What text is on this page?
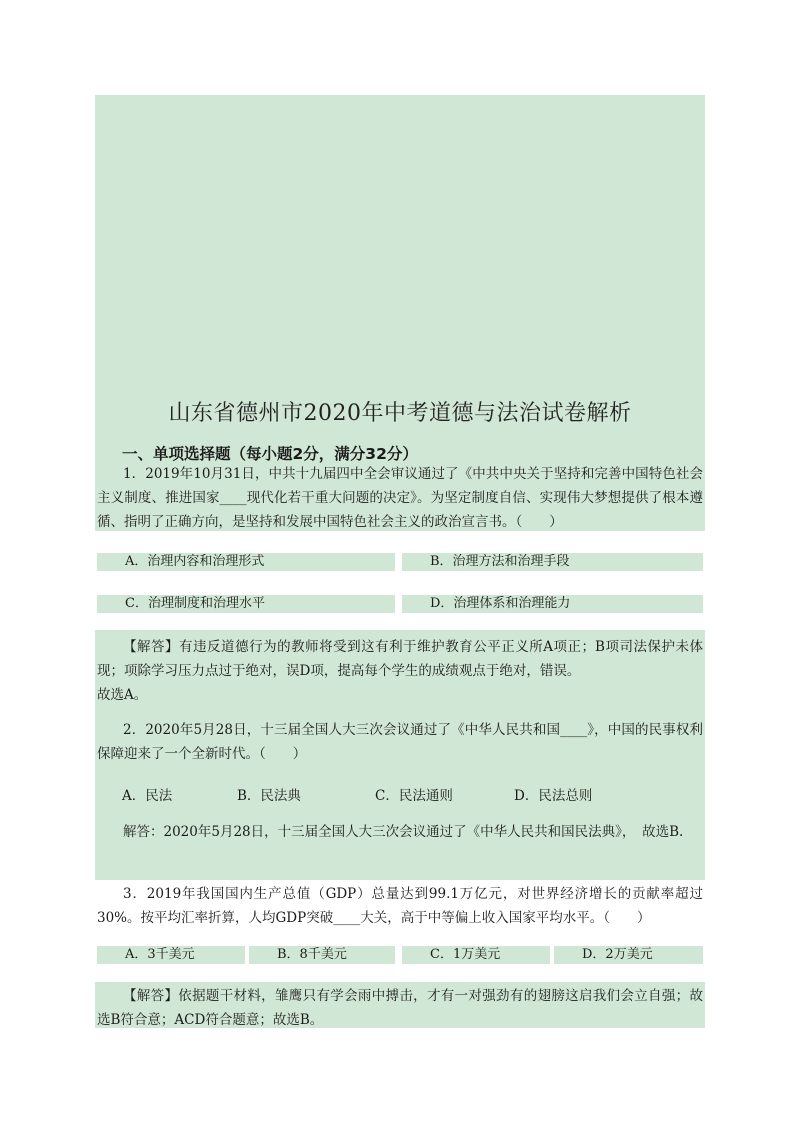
山东省德州市2020年中考道德与法治试卷解析
一、单项选择题（每小题2分，满分32分）
1．2019年10月31日，中共十九届四中全会审议通过了《中共中央关于坚持和完善中国特色社会主义制度、推进国家____现代化若干重大问题的决定》。为坚定制度自信、实现伟大梦想提供了根本遵循、指明了正确方向，是坚持和发展中国特色社会主义的政治宣言书。（　　）
A．治理内容和治理形式	B．治理方法和治理手段
C．治理制度和治理水平	D．治理体系和治理能力
【解答】有违反道德行为的教师将受到这有利于维护教育公平正义所A项正；B项司法保护未体现；项除学习压力点过于绝对，误D项，提高每个学生的成绩观点于绝对，错误。
故选A。
2．2020年5月28日，十三届全国人大三次会议通过了《中华人民共和国____》，中国的民事权利保障迎来了一个全新时代。（　　）
A．民法	B．民法典	C．民法通则	D．民法总则
解答：2020年5月28日，十三届全国人大三次会议通过了《中华人民共和国民法典》，　故选B.
3．2019年我国国内生产总值（GDP）总量达到99.1万亿元，对世界经济增长的贡献率超过30%。按平均汇率折算，人均GDP突破____大关，高于中等偏上收入国家平均水平。（　　）
A．3千美元	B．8千美元	C．1万美元	D．2万美元
【解答】依据题干材料，雏鹰只有学会雨中搏击，才有一对强劲有的翅膀这启我们会立自强；故选B符合意；ACD符合题意；故选B。
